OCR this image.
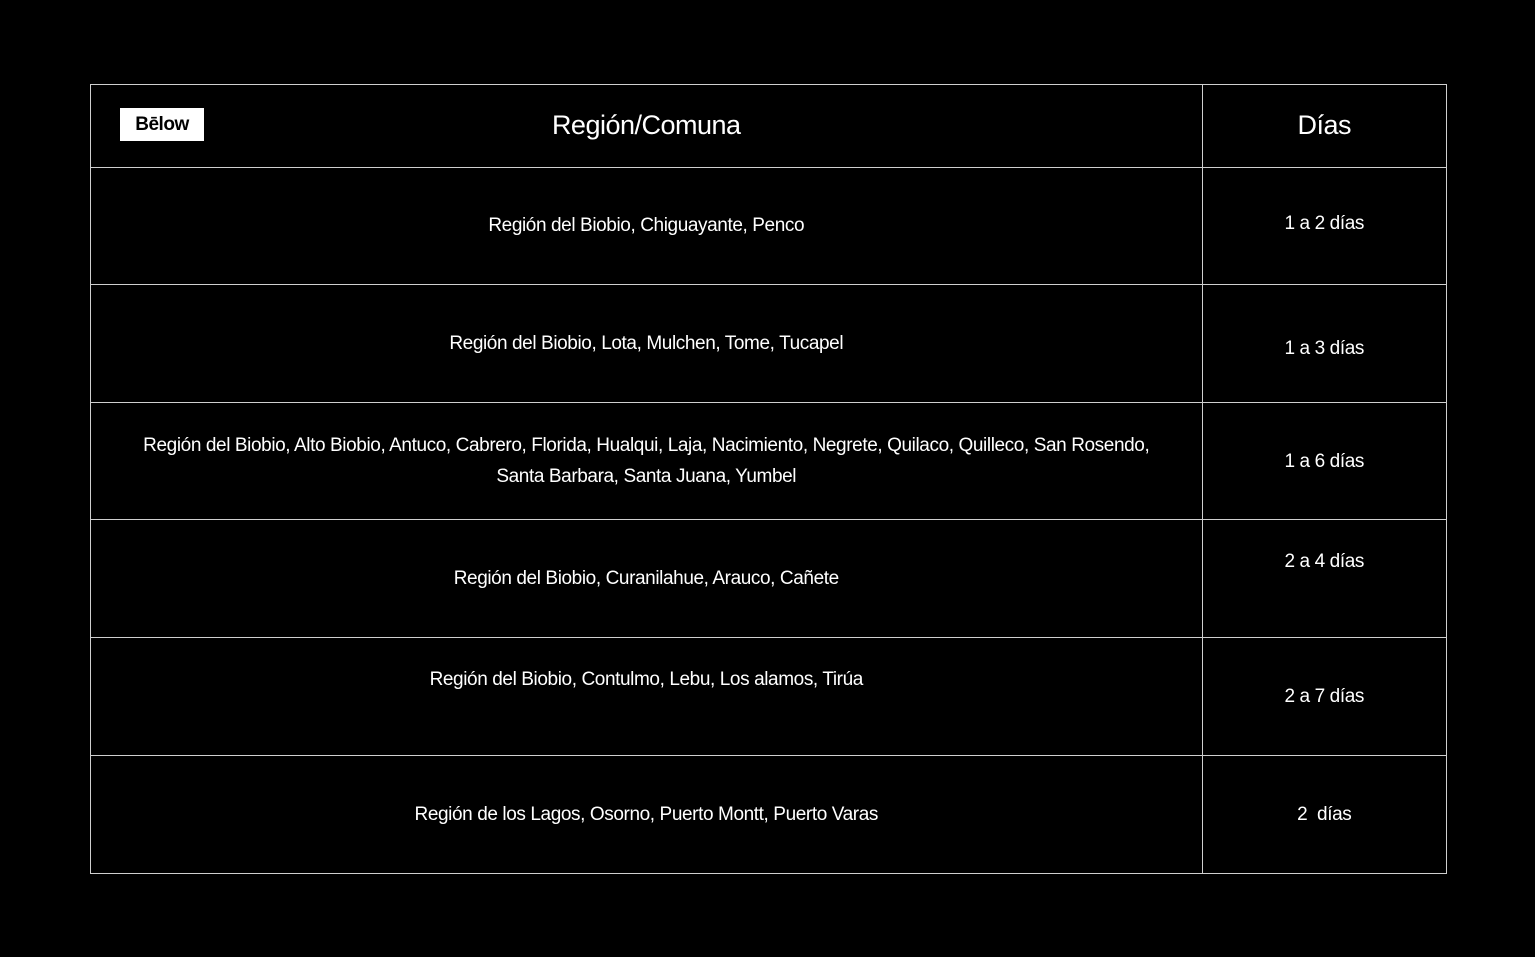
Bēlow Región/Comuna	Días
Región del Biobio, Chiguayante, Penco	1 a 2 días
Región del Biobio, Lota, Mulchen, Tome, Tucapel	1 a 3 días
Región del Biobio, Alto Biobio, Antuco, Cabrero, Florida, Hualqui, Laja, Nacimiento, Negrete, Quilaco, Quilleco, San Rosendo, Santa Barbara, Santa Juana, Yumbel	1 a 6 días
Región del Biobio, Curanilahue, Arauco, Cañete	2 a 4 días
Región del Biobio, Contulmo, Lebu, Los alamos, Tirúa	2 a 7 días
Región de los Lagos, Osorno, Puerto Montt, Puerto Varas	2  días
